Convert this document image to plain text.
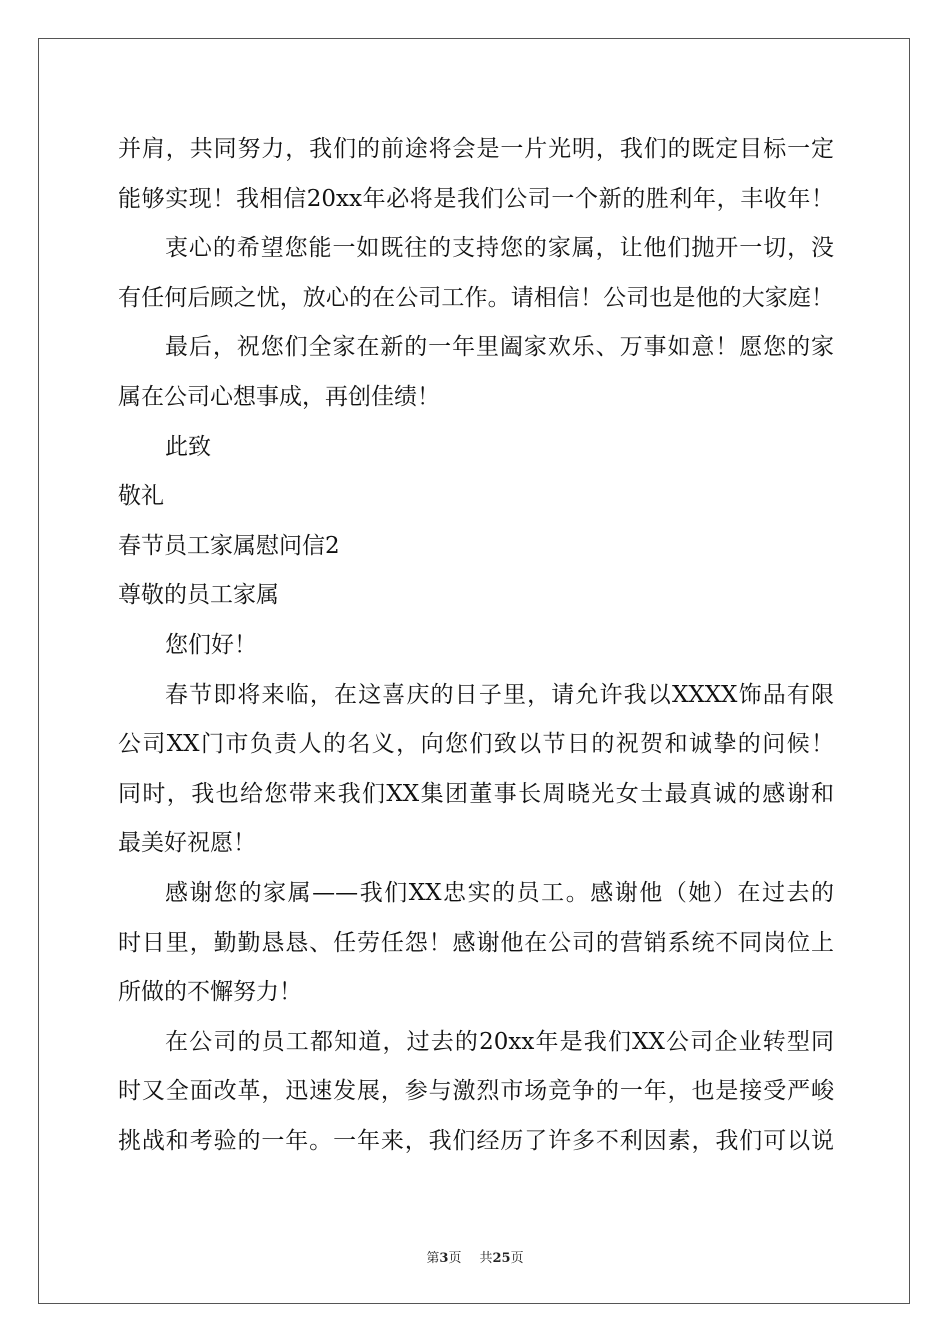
并肩，共同努力，我们的前途将会是一片光明，我们的既定目标一定
能够实现！我相信20xx年必将是我们公司一个新的胜利年，丰收年！
衷心的希望您能一如既往的支持您的家属，让他们抛开一切，没
有任何后顾之忧，放心的在公司工作。请相信！公司也是他的大家庭！
最后，祝您们全家在新的一年里阖家欢乐、万事如意！愿您的家
属在公司心想事成，再创佳绩！
此致
敬礼
春节员工家属慰问信2
尊敬的员工家属
您们好！
春节即将来临，在这喜庆的日子里，请允许我以XXXX饰品有限
公司XX门市负责人的名义，向您们致以节日的祝贺和诚挚的问候！
同时，我也给您带来我们XX集团董事长周晓光女士最真诚的感谢和
最美好祝愿！
感谢您的家属——我们XX忠实的员工。感谢他（她）在过去的
时日里，勤勤恳恳、任劳任怨！感谢他在公司的营销系统不同岗位上
所做的不懈努力！
在公司的员工都知道，过去的20xx年是我们XX公司企业转型同
时又全面改革，迅速发展，参与激烈市场竞争的一年，也是接受严峻
挑战和考验的一年。一年来，我们经历了许多不利因素，我们可以说
第3页 共25页
